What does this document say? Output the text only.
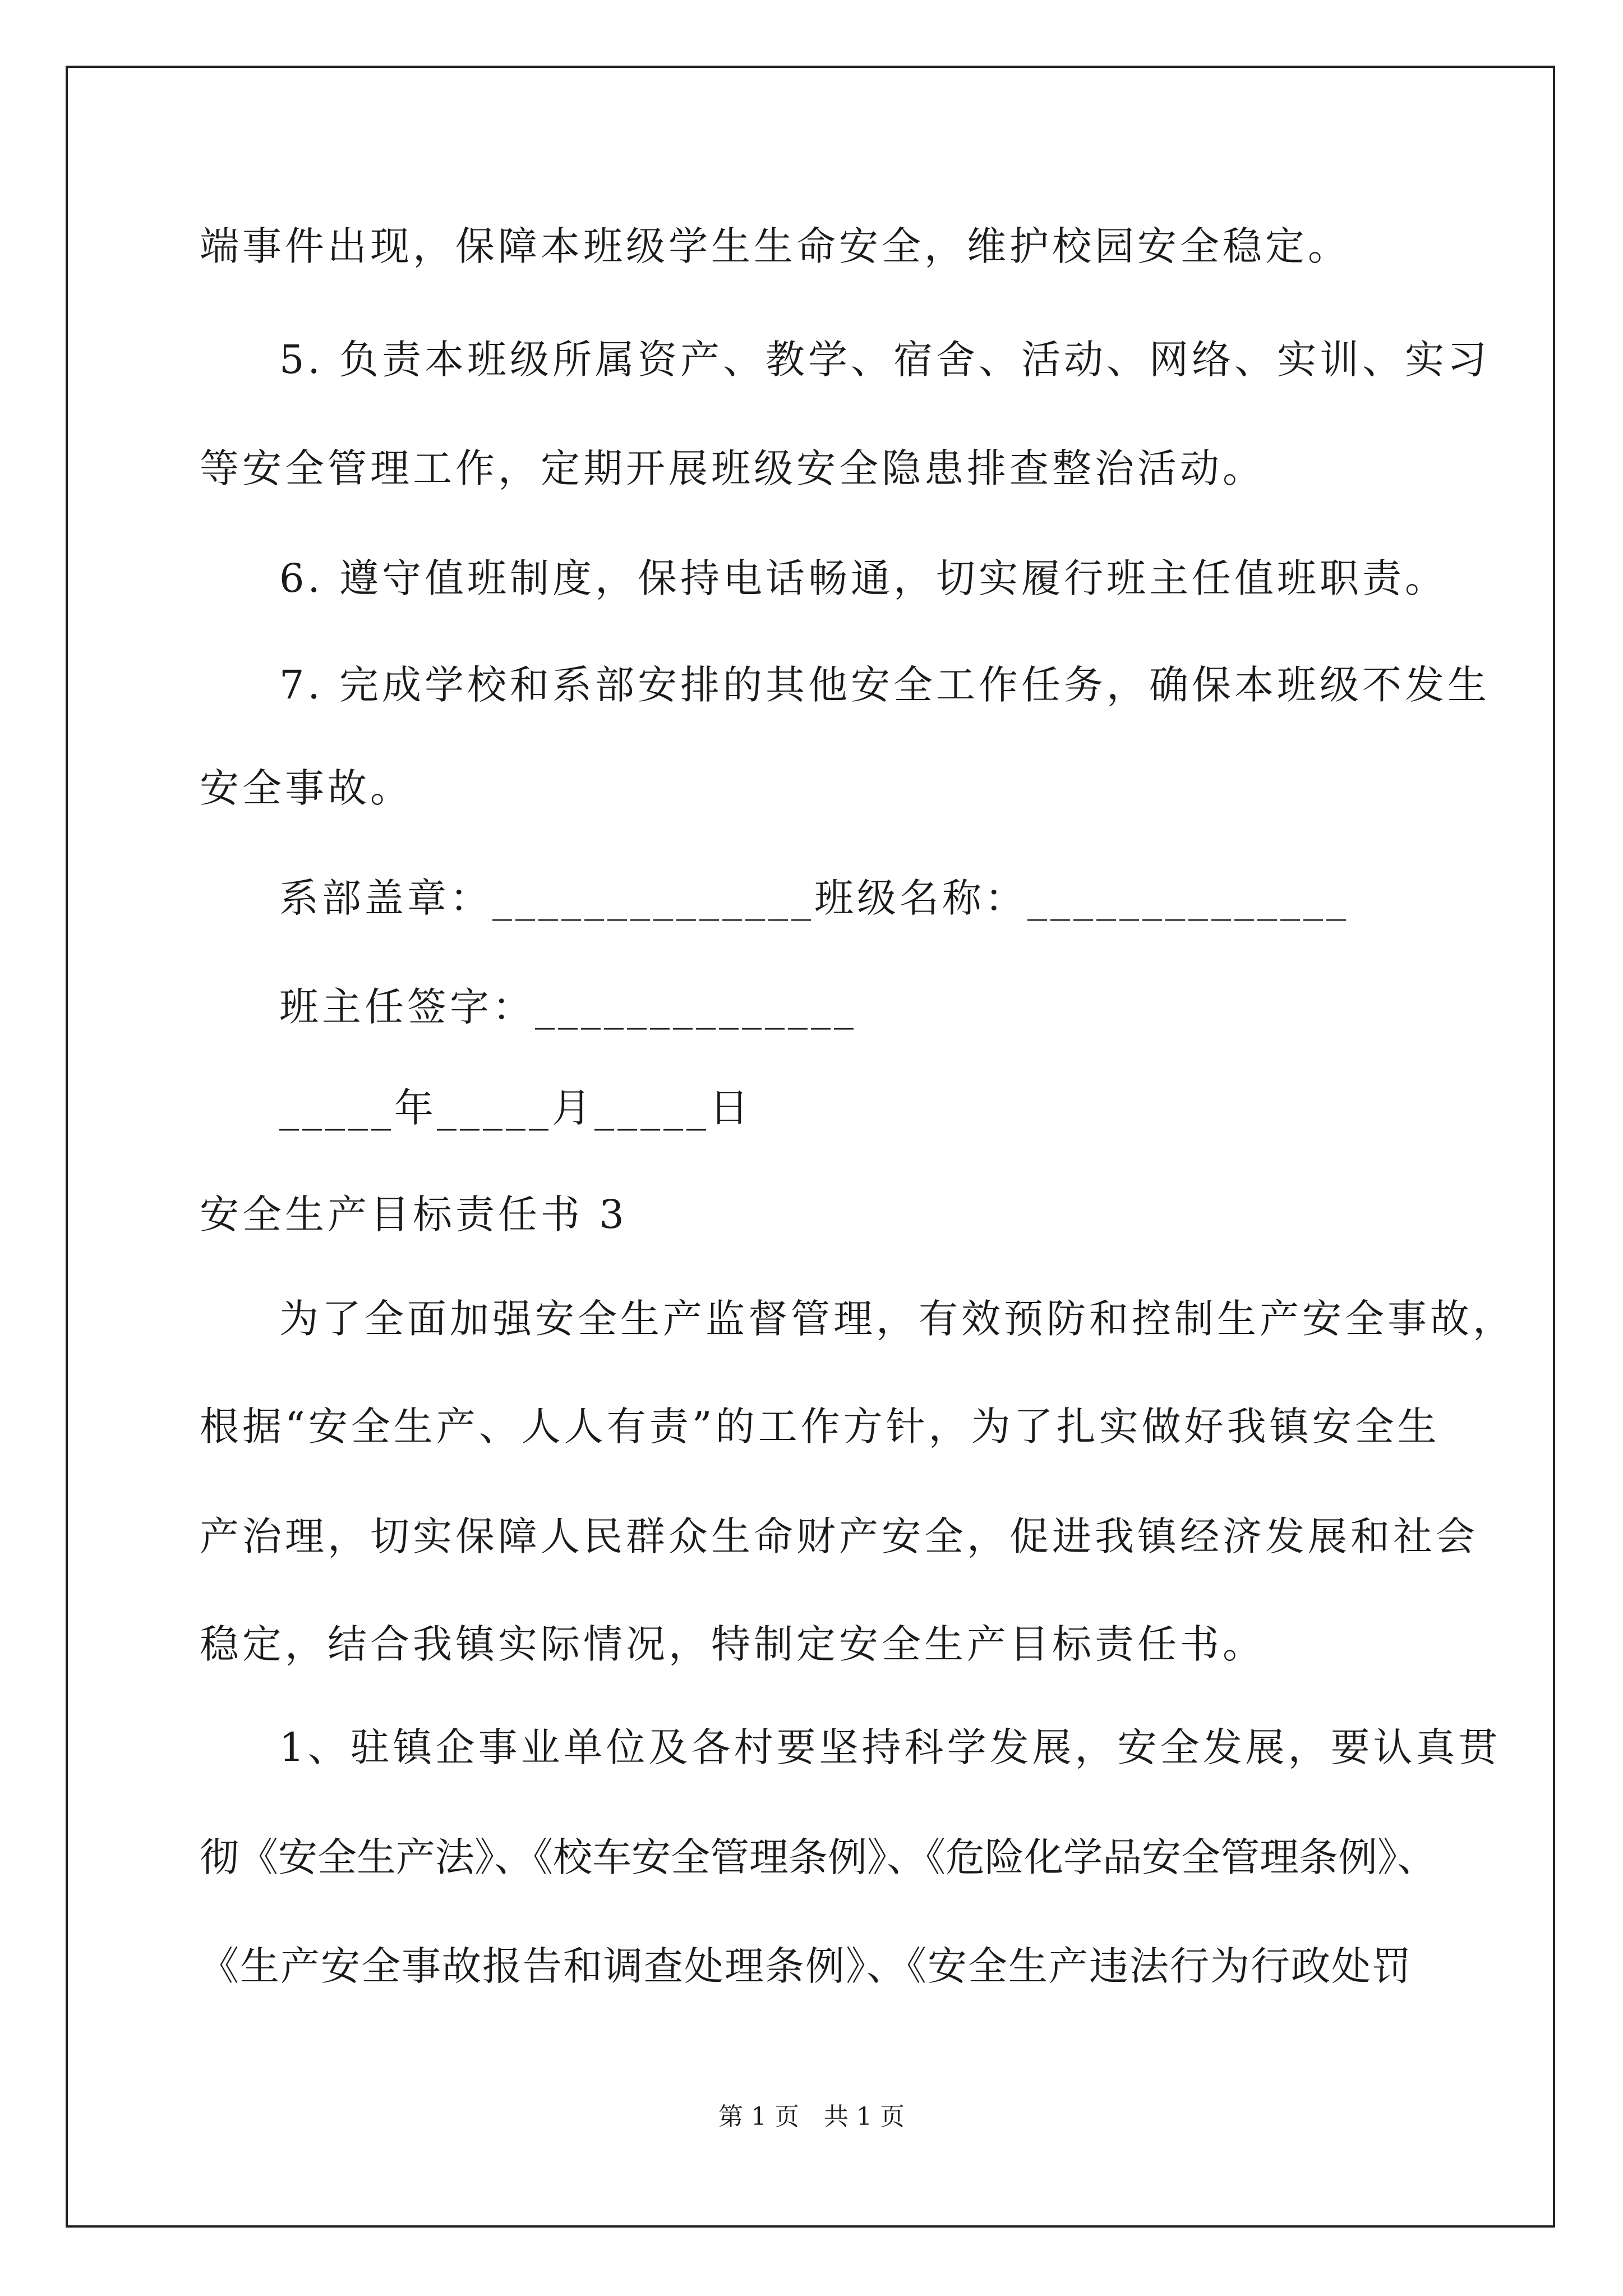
端事件出现，保障本班级学生生命安全，维护校园安全稳定。
5. 负责本班级所属资产、教学、宿舍、活动、网络、实训、实习
等安全管理工作，定期开展班级安全隐患排查整治活动。
6. 遵守值班制度，保持电话畅通，切实履行班主任值班职责。
7. 完成学校和系部安排的其他安全工作任务，确保本班级不发生
安全事故。
系部盖章：______________班级名称：______________
班主任签字：______________
_____年_____月_____日
安全生产目标责任书 3
为了全面加强安全生产监督管理，有效预防和控制生产安全事故，
根据“安全生产、人人有责”的工作方针，为了扎实做好我镇安全生
产治理，切实保障人民群众生命财产安全，促进我镇经济发展和社会
稳定，结合我镇实际情况，特制定安全生产目标责任书。
1、驻镇企事业单位及各村要坚持科学发展，安全发展，要认真贯
彻《安全生产法》、《校车安全管理条例》、《危险化学品安全管理条例》、
《生产安全事故报告和调查处理条例》、《安全生产违法行为行政处罚
第 1 页　共 1 页
